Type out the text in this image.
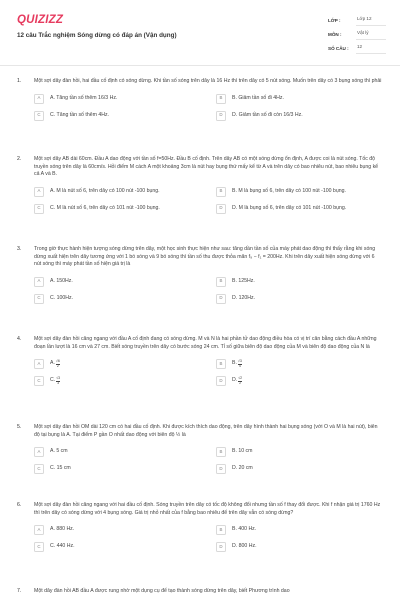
QUIZIZZ
12 câu Trắc nghiệm Sóng dừng có đáp án (Vận dụng)
LỚP :	Lớp 12
MÔN :	Vật lý
SỐ CÂU :	12
1. Một sợi dây đàn hồi, hai đầu cố định có sóng dừng. Khi tần số sóng trên dây là 16 Hz thì trên dây có 5 nút sóng. Muốn trên dây có 3 bụng sóng thì phải
A	A. Tăng tần số thêm 16/3 Hz.	B	B. Giảm tần số đi 4Hz.
C	C. Tăng tần số thêm 4Hz.	D	D. Giảm tần số đi còn 16/3 Hz.
2. Một sợi dây AB dài 60cm. Đầu A dao động với tần số f=50Hz. Đầu B cố định. Trên dây AB có một sóng dừng ổn định, A được coi là nút sóng. Tốc độ truyền sóng trên dây là 60cm/s. Hỏi điểm M cách A một khoảng 3cm là nút hay bụng thứ mấy kể từ A và trên dây có bao nhiêu nút, bao nhiêu bụng kể cả A và B.
A	A. M là nút số 6, trên dây có 100 nút -100 bụng.	B	B. M là bụng số 6, trên dây có 100 nút -100 bụng.
C	C. M là nút số 6, trên dây có 101 nút -100 bụng.	D	D. M là bụng số 6, trên dây có 101 nút -100 bụng.
3. Trong giờ thực hành hiện tượng sóng dừng trên dây, một học sinh thực hiện như sau: tăng dần tần số của máy phát dao động thì thấy rằng khi sóng dừng xuất hiện trên dây tương ứng với 1 bó sóng và 9 bó sóng thì tần số thu được thỏa mãn f₉ − f₁ = 200Hz. Khi trên dây xuất hiện sóng dừng với 6 nút sóng thì máy phát tần số hiện giá trị là
A	A. 150Hz.	B	B. 125Hz.
C	C. 100Hz.	D	D. 120Hz.
4. Một sợi dây đàn hồi căng ngang với đầu A cố định đang có sóng dừng. M và N là hai phần tử dao động điều hòa có vị trí cân bằng cách đầu A những đoạn lần lượt là 16 cm và 27 cm. Biết sóng truyền trên dây có bước sóng 24 cm. Tỉ số giữa biên độ dao động của M và biên độ dao động của N là
A	A. $\frac{√6}{2}$	B	B. $\frac{√3}{4}$
C	C. $\frac{√3}{3}$	D	D. $\frac{√2}{2}$
5. Một sợi dây đàn hồi OM dài 120 cm có hai đầu cố định. Khi được kích thích dao động, trên dây hình thành hai bụng sóng (với O và M là hai nút), biên độ tại bụng là A. Tại điểm P gần O nhất dao động với biên độ ½ là
A	A. 5 cm	B	B. 10 cm
C	C. 15 cm	D	D. 20 cm
6. Một sợi dây đàn hồi căng ngang với hai đầu cố định. Sóng truyền trên dây có tốc độ không đổi nhưng tần số f thay đổi được. Khi f nhận giá trị 1760 Hz thì trên dây có sóng dừng với 4 bụng sóng. Giá trị nhỏ nhất của f bằng bao nhiêu để trên dây vẫn có sóng dừng?
A	A. 880 Hz.	B	B. 400 Hz.
C	C. 440 Hz.	D	D. 800 Hz.
7. Một dây đàn hồi AB đầu A được rung nhờ một dụng cụ để tạo thành sóng dừng trên dây, biết Phương trình dao
